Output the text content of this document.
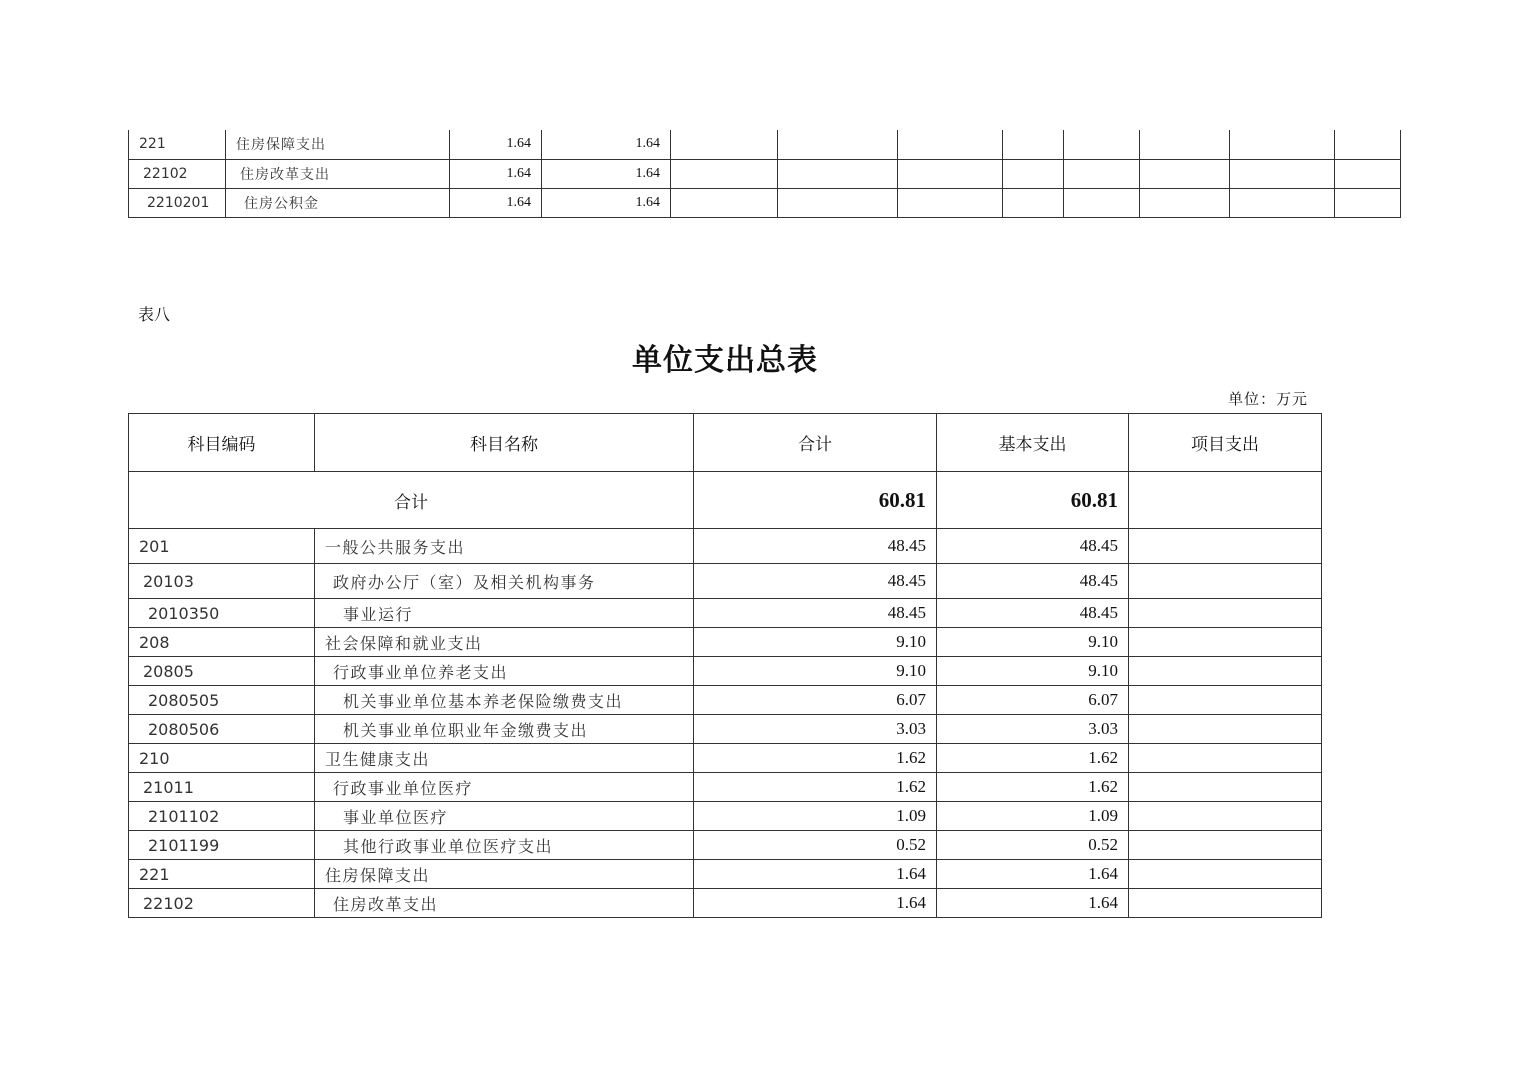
221	住房保障支出	1.64	1.64								
22102	住房改革支出	1.64	1.64								
2210201	住房公积金	1.64	1.64								
表八
单位支出总表
单位：万元
科目编码	科目名称	合计	基本支出	项目支出
合计		60.81	60.81	
201	一般公共服务支出	48.45	48.45	
20103	政府办公厅（室）及相关机构事务	48.45	48.45	
2010350	事业运行	48.45	48.45	
208	社会保障和就业支出	9.10	9.10	
20805	行政事业单位养老支出	9.10	9.10	
2080505	机关事业单位基本养老保险缴费支出	6.07	6.07	
2080506	机关事业单位职业年金缴费支出	3.03	3.03	
210	卫生健康支出	1.62	1.62	
21011	行政事业单位医疗	1.62	1.62	
2101102	事业单位医疗	1.09	1.09	
2101199	其他行政事业单位医疗支出	0.52	0.52	
221	住房保障支出	1.64	1.64	
22102	住房改革支出	1.64	1.64	
